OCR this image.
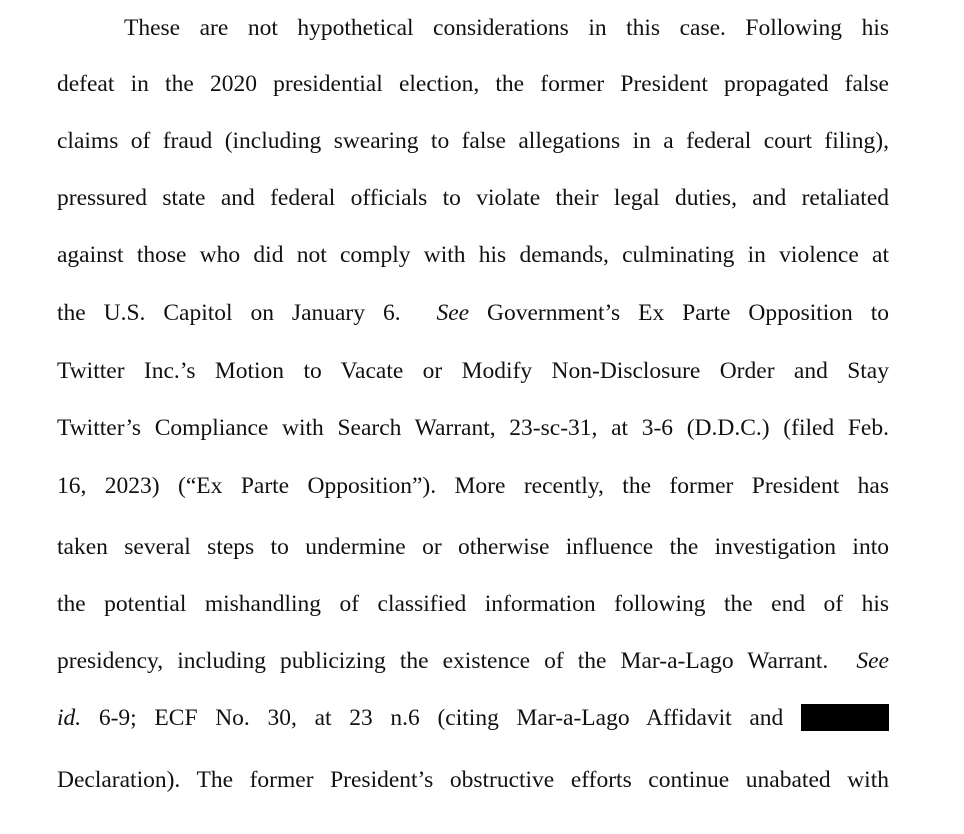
These are not hypothetical considerations in this case. Following his
defeat in the 2020 presidential election, the former President propagated false
claims of fraud (including swearing to false allegations in a federal court filing),
pressured state and federal officials to violate their legal duties, and retaliated
against those who did not comply with his demands, culminating in violence at
the U.S. Capitol on January 6. See Government’s Ex Parte Opposition to
Twitter Inc.’s Motion to Vacate or Modify Non-Disclosure Order and Stay
Twitter’s Compliance with Search Warrant, 23-sc-31, at 3-6 (D.D.C.) (filed Feb.
16, 2023) (“Ex Parte Opposition”). More recently, the former President has
taken several steps to undermine or otherwise influence the investigation into
the potential mishandling of classified information following the end of his
presidency, including publicizing the existence of the Mar-a-Lago Warrant. See
id. 6-9; ECF No. 30, at 23 n.6 (citing Mar-a-Lago Affidavit and
Declaration). The former President’s obstructive efforts continue unabated with
